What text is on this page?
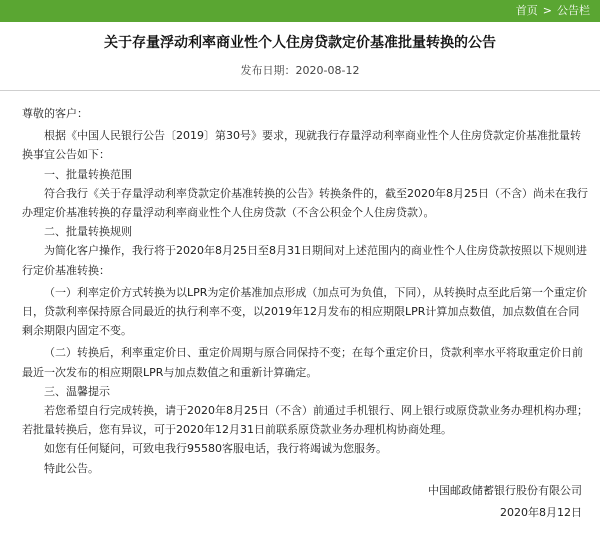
首页 > 公告栏
关于存量浮动利率商业性个人住房贷款定价基准批量转换的公告
发布日期：2020-08-12

尊敬的客户：

根据《中国人民银行公告〔2019〕第30号》要求，现就我行存量浮动利率商业性个人住房贷款定价基准批量转换事宜公告如下：

一、批量转换范围

符合我行《关于存量浮动利率贷款定价基准转换的公告》转换条件的，截至2020年8月25日（不含）尚未在我行办理定价基准转换的存量浮动利率商业性个人住房贷款（不含公积金个人住房贷款）。

二、批量转换规则

为简化客户操作，我行将于2020年8月25日至8月31日期间对上述范围内的商业性个人住房贷款按照以下规则进行定价基准转换：

（一）利率定价方式转换为以LPR为定价基准加点形成（加点可为负值，下同），从转换时点至此后第一个重定价日，贷款利率保持原合同最近的执行利率不变，以2019年12月发布的相应期限LPR计算加点数值，加点数值在合同剩余期限内固定不变。

（二）转换后，利率重定价日、重定价周期与原合同保持不变；在每个重定价日，贷款利率水平将取重定价日前最近一次发布的相应期限LPR与加点数值之和重新计算确定。

三、温馨提示

若您希望自行完成转换，请于2020年8月25日（不含）前通过手机银行、网上银行或原贷款业务办理机构办理；若批量转换后，您有异议，可于2020年12月31日前联系原贷款业务办理机构协商处理。

如您有任何疑问，可致电我行95580客服电话，我行将竭诚为您服务。

特此公告。

中国邮政储蓄银行股份有限公司

2020年8月12日
